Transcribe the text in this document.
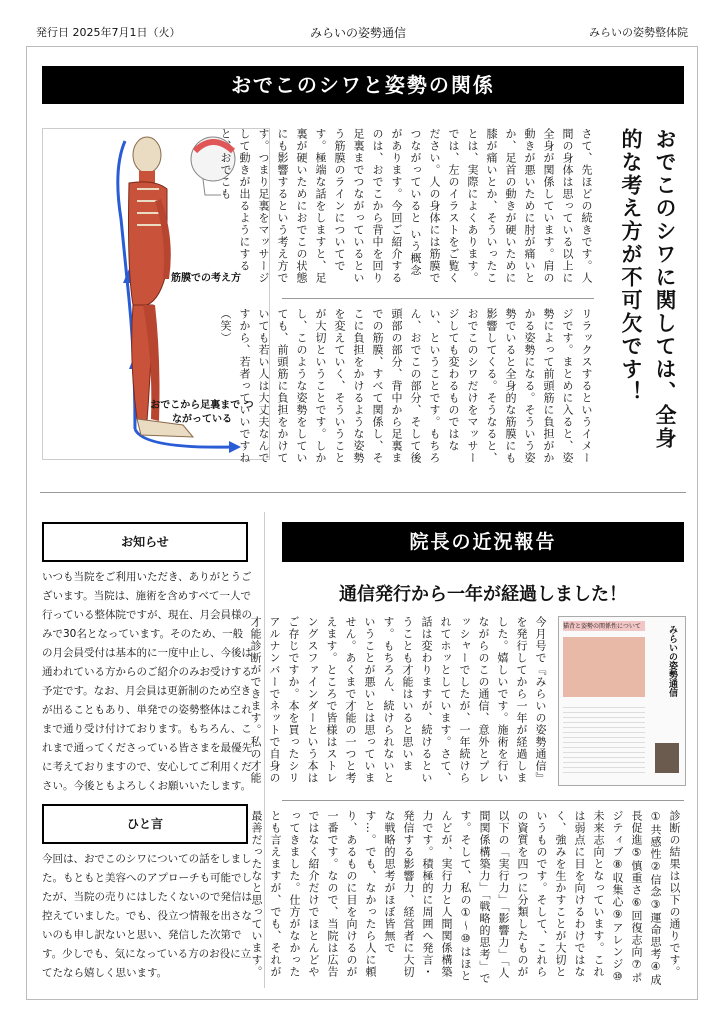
発行日 2025年7月1日（火）	みらいの姿勢通信	みらいの姿勢整体院
おでこのシワと姿勢の関係
筋膜での考え方
おでこから足裏まで つながっている
さて、先ほどの続きです。人間の身体は思っている以上に全身が関係しています。肩の動きが悪いために肘が痛いとか、足首の動きが硬いために膝が痛いとか、そういったことは、実際によくあります。では、左のイラストをご覧ください。人の身体には筋膜でつながっていると いう概念があります。今回ご紹介するのは、おでこから背中を回り足裏までつながっているという筋膜のラインについてです。極端な話をしますと、足裏が硬いためにおでこの状態にも影響するという考え方です。つまり足裏をマッサージして動きが出るようにすると、おでこも
リラックスするというイメージです。まとめに入ると、姿勢によって前頭筋に負担がかかる姿勢になる。そういう姿勢でいると全身的な筋膜にも影響してくる。そうなると、おでこのシワだけをマッサージしても変わるものではない、ということです。もちろん、おでこの部分、そして後頭部の部分、背中から足裏までの筋膜、すべて関係し、そこに負担をかけるような姿勢を変えていく、そういうことが大切ということです。しかし、このような姿勢をしていても、前頭筋に負担をかけていても若い人は大丈夫なんですから、若者っていいですね（笑）	おでこのシワに関しては、全身的な考え方が不可欠です！
お知らせ
いつも当院をご利用いただき、ありがとうございます。当院は、施術を含めすべて一人で行っている整体院ですが、現在、月会員様の みで30名となっています。そのため、一般の月会員受付は基本的に一度中止し、今後は通われている方からのご紹介のみお受けする予定です。なお、月会員は更新制のため空きが出ることもあり、単発での姿勢整体はこれまで通り受け付けております。もちろん、これまで通ってくださっている皆さまを最優先に考えておりますので、安心してご利用ください。今後ともよろしくお願いいたします。
ひと言
今回は、おでこのシワについての話をしました。もともと美容へのアプローチも可能でしたが、当院の売りにはしたくないので発信は控えていました。でも、役立つ情報を出さないのも申し訳ないと思い、発信した次第です。少しでも、気になっている方のお役に立てたなら嬉しく思います。
院長の近況報告
通信発行から一年が経過しました！
今月号で『みらいの姿勢通信』を発行してから一年が経過しました。嬉しいです。施術を行いながらのこの通信、意外とプレッシャーでしたが、一年続けられてホッとしています。さて、話は変わりますが、続けるということも才能はいると思います。もちろん、続けられないということが悪いとは思っていません。あくまで才能の一つと考えます。ところで皆様はストレングスファインダーという本はご存じですか。本を買ったシリアルナンバーでネットで自身の才能診断ができます。私の才能	猫背と姿勢の関係性について	みらいの姿勢通信
診断の結果は以下の通りです。①共感性②信念③運命思考④成長促進⑤慎重さ⑥回復志向⑦ポジティブ⑧収集心⑨アレンジ⑩未来志向となっています。これは弱点に目を向けるわけではなく、強みを生かすことが大切というものです。そして、これらの資質を四つに分類したものが以下の「実行力」「影響力」「人間関係構築力」「戦略的思考」です。そして、私の①～⑩はほとんどが、実行力と人間関係構築力です。積極的に周囲へ発言・発信する影響力、経営者に大切な戦略的思考がほぼ皆無です…。でも、なかったら人に頼り、あるものに目を向けるのが一番です。なので、当院は広告ではなく紹介だけでほとんどやってきました。仕方がなかったとも言えますが、でも、それが最善だったなと思っています。
